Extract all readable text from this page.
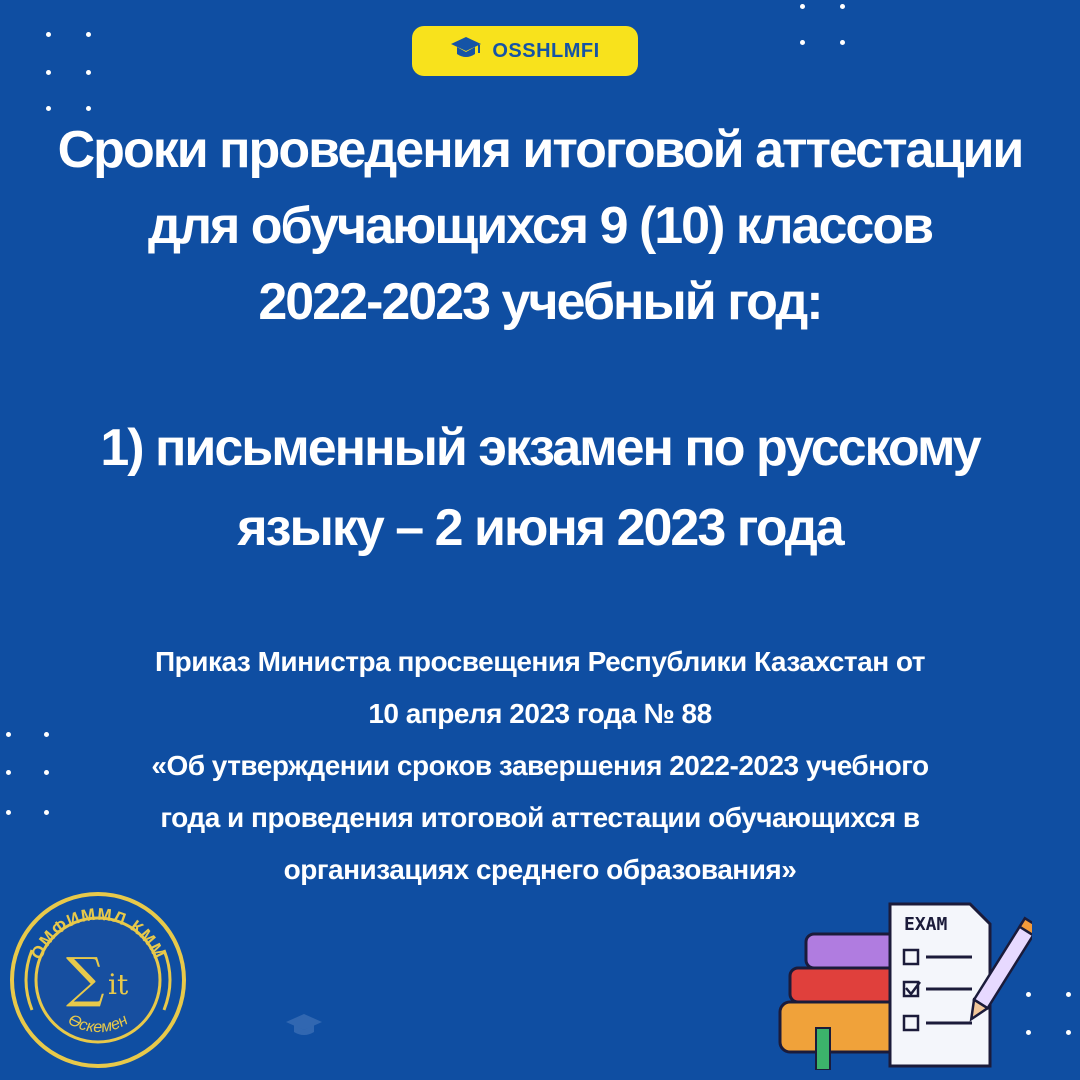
OSSHLMFI
Сроки проведения итоговой аттестации
для обучающихся 9 (10) классов
2022-2023 учебный год:
1) письменный экзамен по русскому
языку – 2 июня 2023 года
Приказ Министра просвещения Республики Казахстан от
10 апреля 2023 года № 88
«Об утверждении сроков завершения 2022-2023 учебного
года и проведения итоговой аттестации обучающихся в
организациях среднего образования»
ОМФИММЛ КММ
Өскемен
∑ it
EXAM
